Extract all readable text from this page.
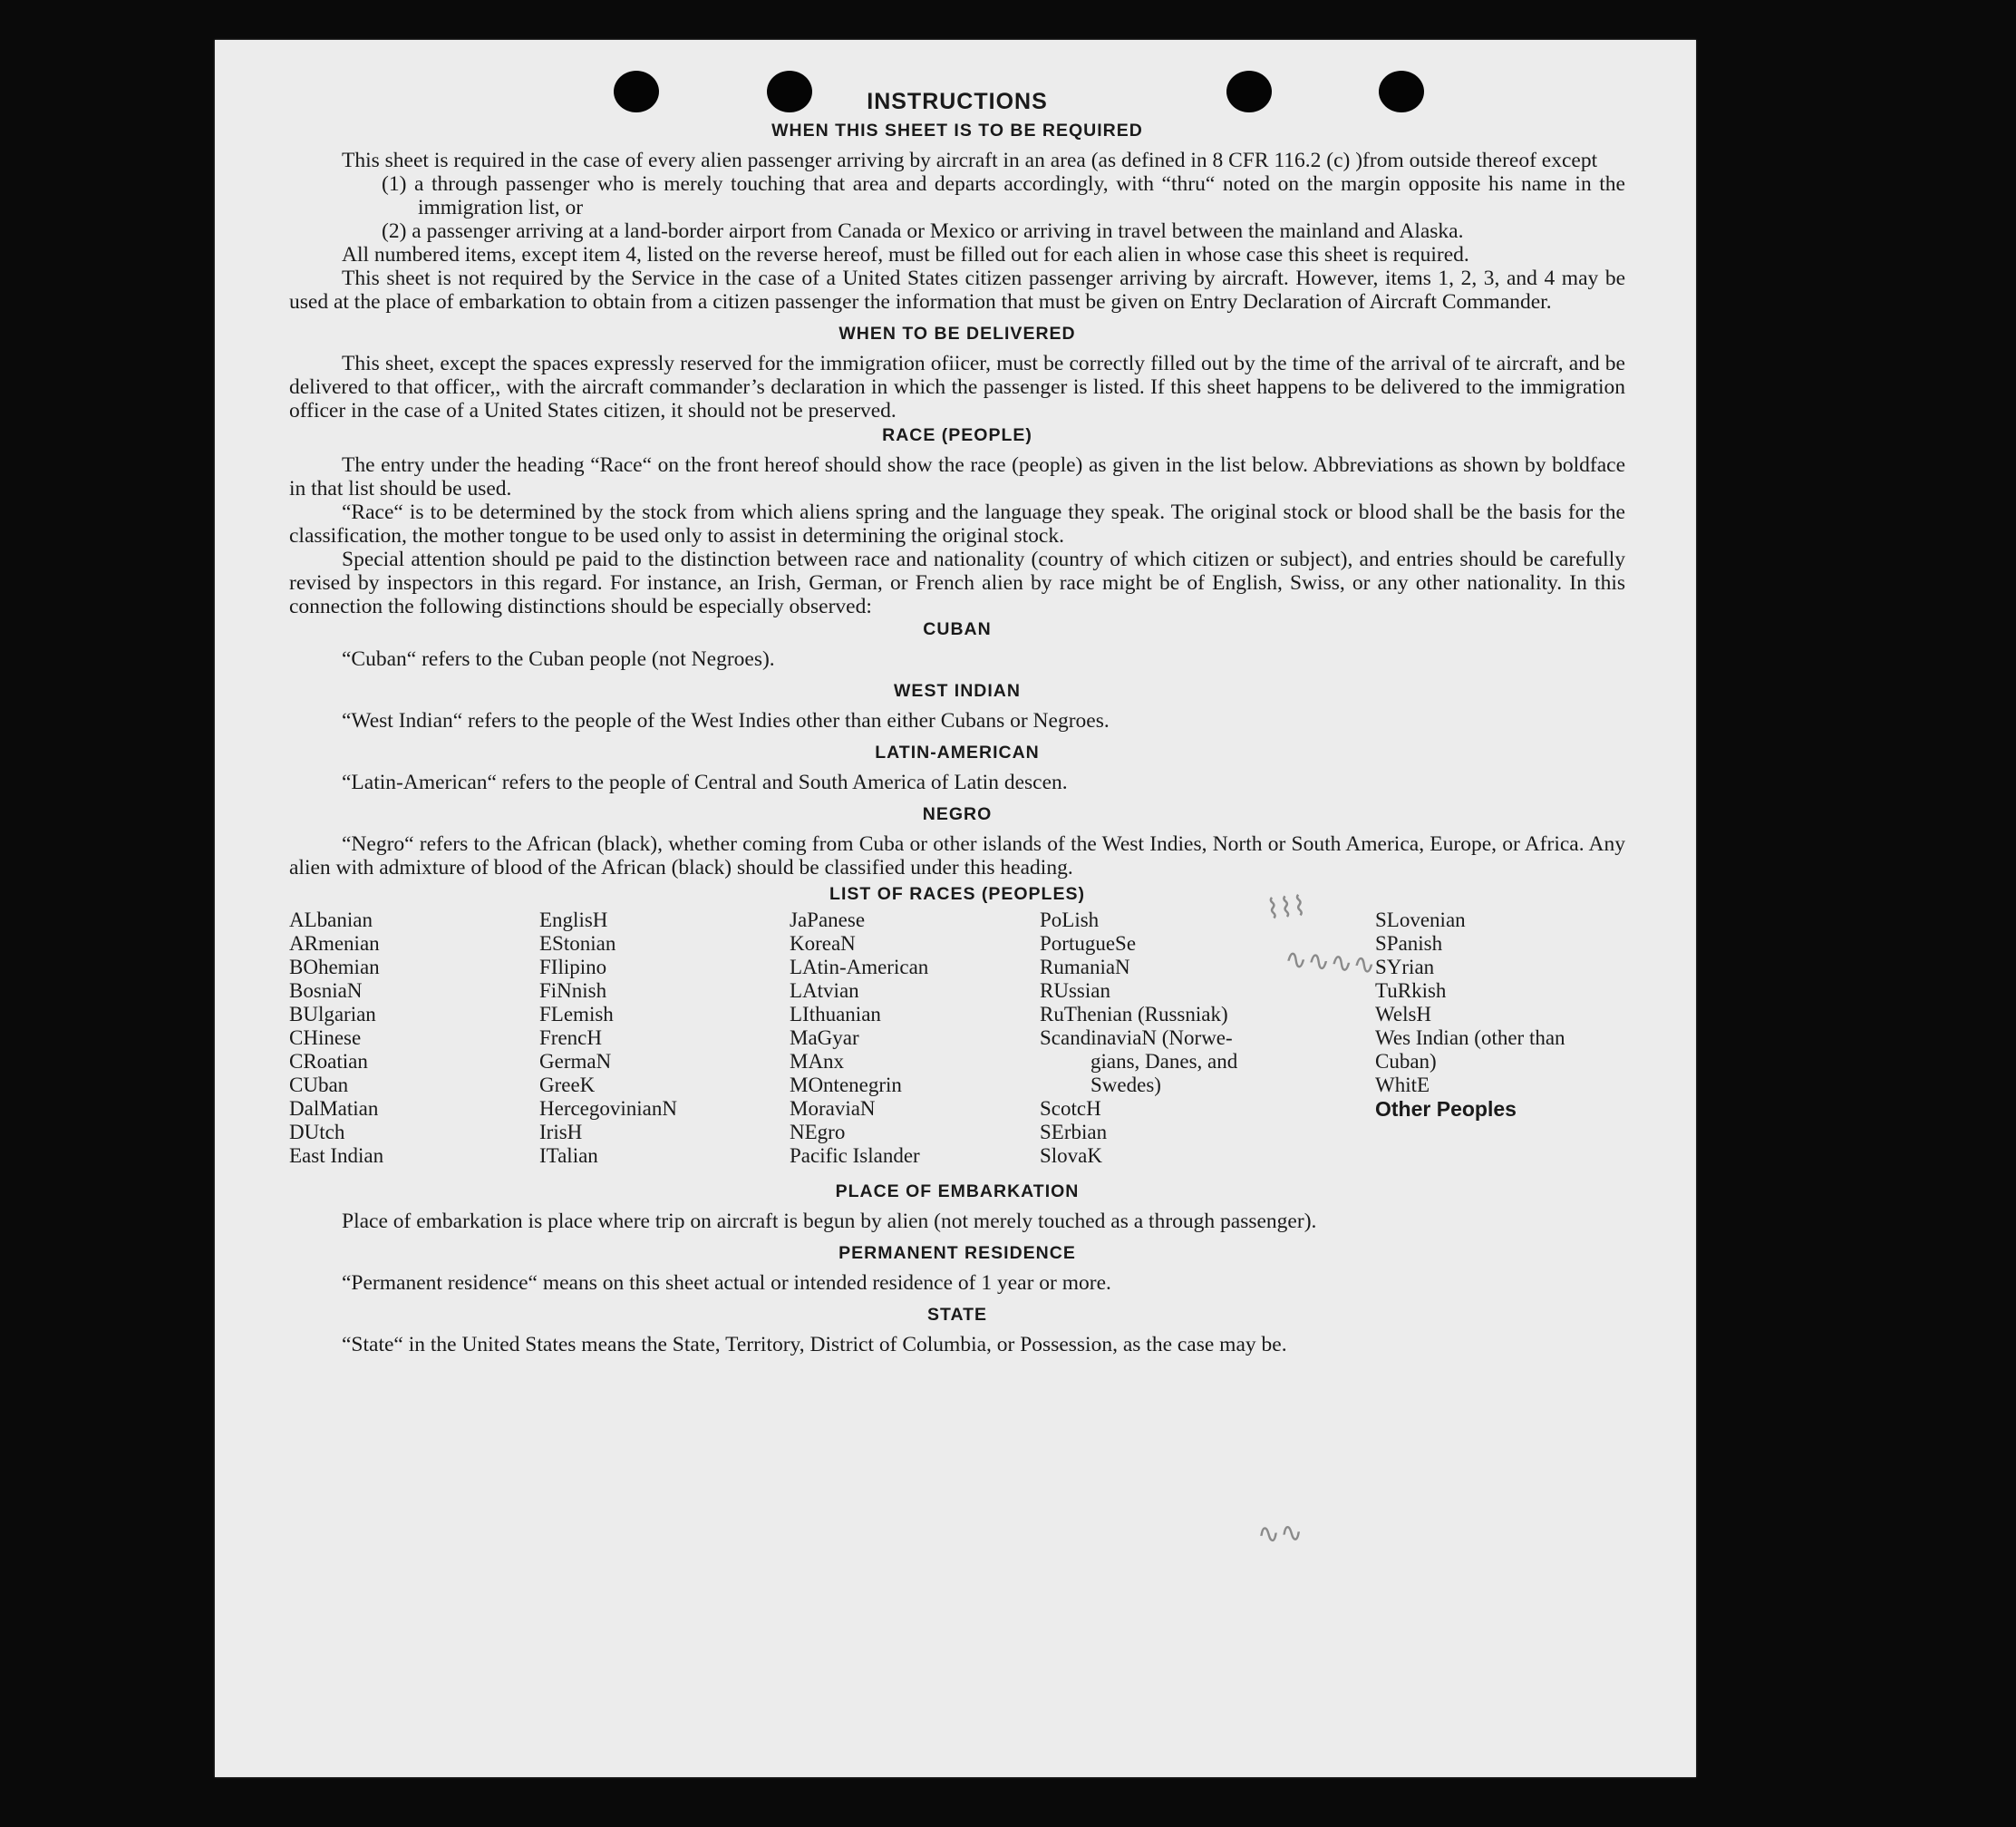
INSTRUCTIONS
WHEN THIS SHEET IS TO BE REQUIRED

This sheet is required in the case of every alien passenger arriving by aircraft in an area (as defined in 8 CFR 116.2 (c) )from outside thereof except

(1) a through passenger who is merely touching that area and departs accordingly, with “thru“ noted on the margin opposite his name in the immigration list, or

(2) a passenger arriving at a land-border airport from Canada or Mexico or arriving in travel between the mainland and Alaska.

All numbered items, except item 4, listed on the reverse hereof, must be filled out for each alien in whose case this sheet is required.

This sheet is not required by the Service in the case of a United States citizen passenger arriving by aircraft. However, items 1, 2, 3, and 4 may be used at the place of embarkation to obtain from a citizen passenger the information that must be given on Entry Declaration of Aircraft Commander.

WHEN TO BE DELIVERED

This sheet, except the spaces expressly reserved for the immigration ofiicer, must be correctly filled out by the time of the arrival of te aircraft, and be delivered to that officer,, with the aircraft commander’s declaration in which the passenger is listed. If this sheet happens to be delivered to the immigration officer in the case of a United States citizen, it should not be preserved.

RACE (PEOPLE)

The entry under the heading “Race“ on the front hereof should show the race (people) as given in the list below. Abbreviations as shown by boldface in that list should be used.

“Race“ is to be determined by the stock from which aliens spring and the language they speak. The original stock or blood shall be the basis for the classification, the mother tongue to be used only to assist in determining the original stock.

Special attention should pe paid to the distinction between race and nationality (country of which citizen or subject), and entries should be carefully revised by inspectors in this regard. For instance, an Irish, German, or French alien by race might be of English, Swiss, or any other nationality. In this connection the following distinctions should be especially observed:

CUBAN

“Cuban“ refers to the Cuban people (not Negroes).

WEST INDIAN

“West Indian“ refers to the people of the West Indies other than either Cubans or Negroes.

LATIN-AMERICAN

“Latin-American“ refers to the people of Central and South America of Latin descen.

NEGRO

“Negro“ refers to the African (black), whether coming from Cuba or other islands of the West Indies, North or South America, Europe, or Africa. Any alien with admixture of blood of the African (black) should be classified under this heading.

LIST OF RACES (PEOPLES)
ALbanian
ARmenian
BOhemian
BosniaN
BUlgarian
CHinese
CRoatian
CUban
DalMatian
DUtch
East Indian
EnglisH
EStonian
FIlipino
FiNnish
FLemish
FrencH
GermaN
GreeK
HercegovinianN
IrisH
ITalian
JaPanese
KoreaN
LAtin-American
LAtvian
LIthuanian
MaGyar
MAnx
MOntenegrin
MoraviaN
NEgro
Pacific Islander
PoLish
PortugueSe
RumaniaN
RUssian
RuThenian (Russniak)
ScandinaviaN (Norwe-
gians, Danes, and
Swedes)
ScotcH
SErbian
SlovaK
SLovenian
SPanish
SYrian
TuRkish
WelsH
Wes Indian (other than Cuban)
WhitE
Other Peoples
PLACE OF EMBARKATION

Place of embarkation is place where trip on aircraft is begun by alien (not merely touched as a through passenger).

PERMANENT RESIDENCE

“Permanent residence“ means on this sheet actual or intended residence of 1 year or more.

STATE

“State“ in the United States means the State, Territory, District of Columbia, or Possession, as the case may be.

⌇⌇⌇
∿∿∿∿
∿∿
